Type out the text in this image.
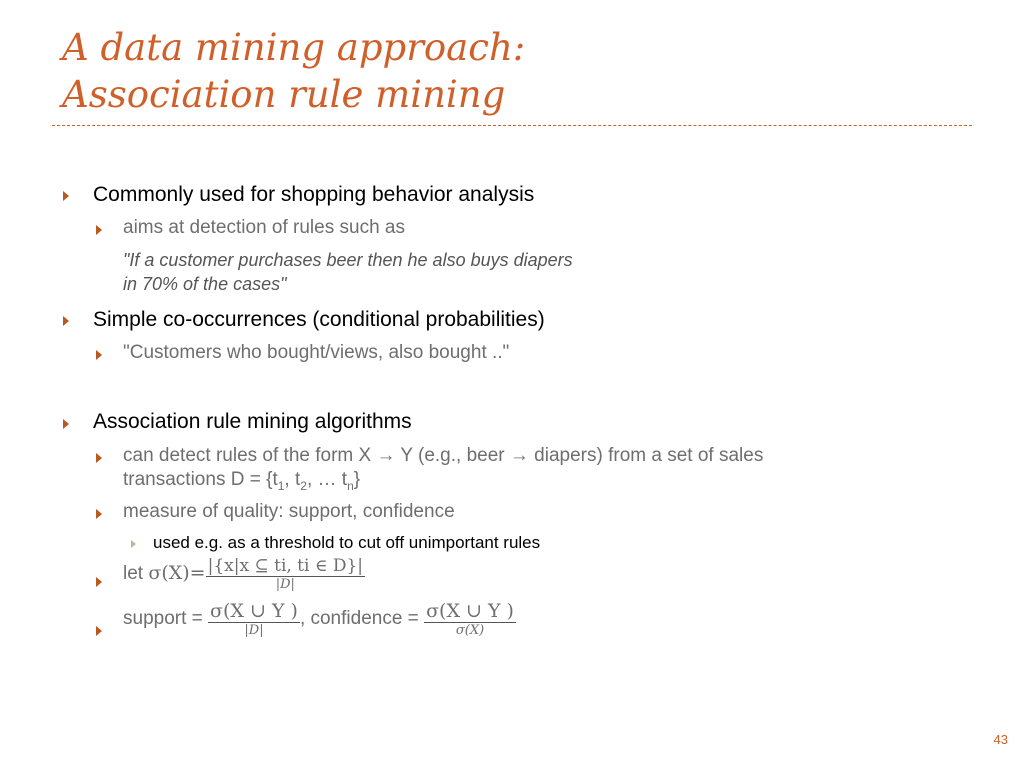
A data mining approach:
Association rule mining
Commonly used for shopping behavior analysis
aims at detection of rules such as
"If a customer purchases beer then he also buys diapers
in 70% of the cases"
Simple co-occurrences (conditional probabilities)
"Customers who bought/views, also bought .."
Association rule mining algorithms
can detect rules of the form X → Y (e.g., beer → diapers) from a set of sales
transactions $D = \{t_1$, $t_2$, … $t_n$}
measure of quality: support, confidence
used e.g. as a threshold to cut off unimportant rules
let $\sigma(X)= \frac{|\{x|x ⊆ ti, ti \in D\}|}{|D|}$
support = $\frac{\sigma(X \cup Y )}{|D|}$ , confidence = $\frac{\sigma(X \cup Y )}{\sigma(X)}$
43
